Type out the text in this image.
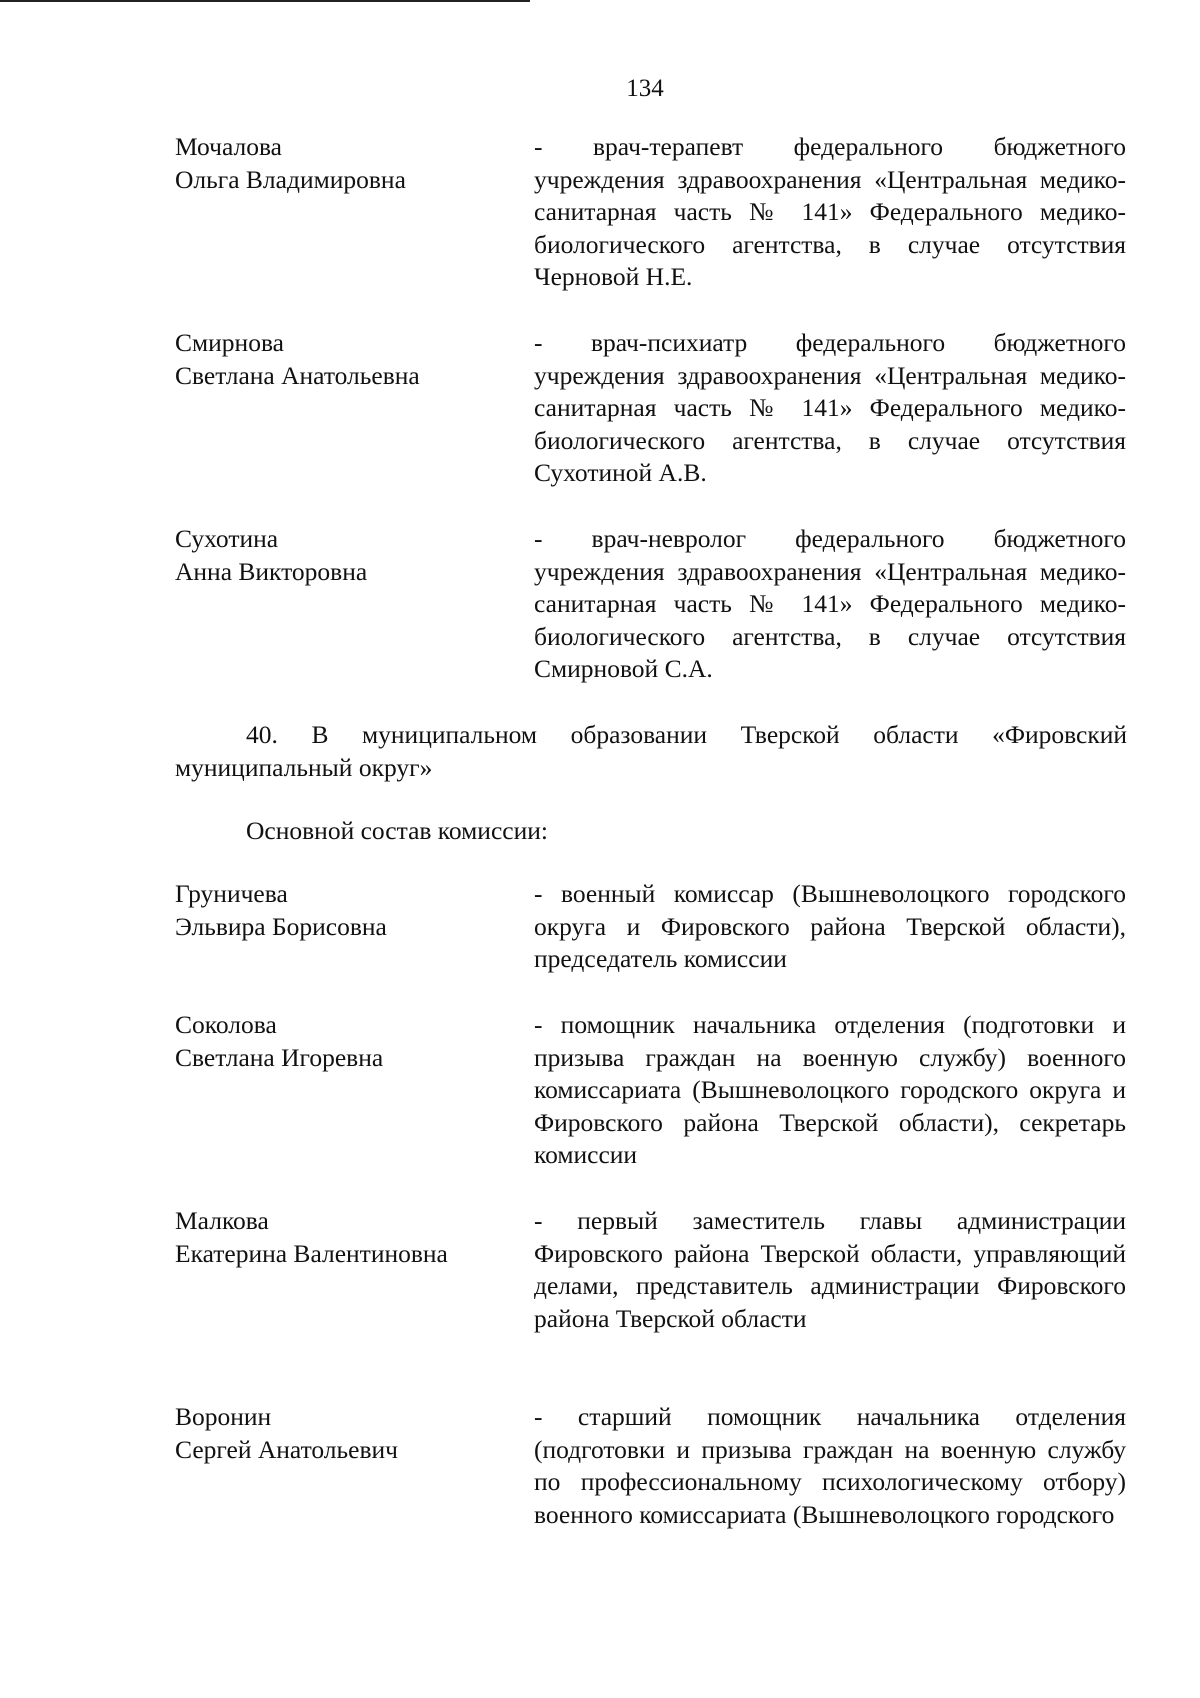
134
Мочалова
Ольга Владимировна
- врач-терапевт федерального бюджетного учреждения здравоохранения «Центральная медико-санитарная часть № 141» Федерального медико-биологического агентства, в случае отсутствия Черновой Н.Е.
Смирнова
Светлана Анатольевна
- врач-психиатр федерального бюджетного учреждения здравоохранения «Центральная медико-санитарная часть № 141» Федерального медико-биологического агентства, в случае отсутствия Сухотиной А.В.
Сухотина
Анна Викторовна
- врач-невролог федерального бюджетного учреждения здравоохранения «Центральная медико-санитарная часть № 141» Федерального медико-биологического агентства, в случае отсутствия Смирновой С.А.
40. В муниципальном образовании Тверской области «Фировский муниципальный округ»
Основной состав комиссии:
Груничева
Эльвира Борисовна
- военный комиссар (Вышневолоцкого городского округа и Фировского района Тверской области), председатель комиссии
Соколова
Светлана Игоревна
- помощник начальника отделения (подготовки и призыва граждан на военную службу) военного комиссариата (Вышневолоцкого городского округа и Фировского района Тверской области), секретарь комиссии
Малкова
Екатерина Валентиновна
- первый заместитель главы администрации Фировского района Тверской области, управляющий делами, представитель администрации Фировского района Тверской области
Воронин
Сергей Анатольевич
- старший помощник начальника отделения (подготовки и призыва граждан на военную службу по профессиональному психологическому отбору) военного комиссариата (Вышневолоцкого городского
